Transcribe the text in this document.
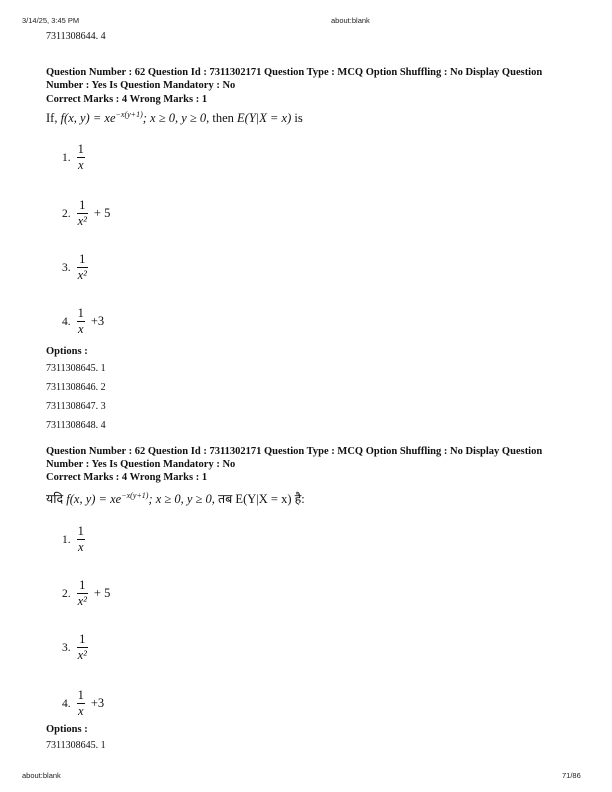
3/14/25, 3:45 PM	about:blank
about:blank	71/86
7311308644. 4
Question Number : 62 Question Id : 7311302171 Question Type : MCQ Option Shuffling : No Display Question
Number : Yes Is Question Mandatory : No
Correct Marks : 4 Wrong Marks : 1
If, f(x, $y) = xe^{-x(y+1)}$; x ≥ 0, y ≥ 0, then E(Y|X = x) is
1. $\frac{1}{x}$
2. $\frac{1}{\text{x²}} + 5$
3. $\frac{1}{\text{x²}}$
4. $\frac{1}{x} +3$
Options :
7311308645. 1
7311308646. 2
7311308647. 3
7311308648. 4
Question Number : 62 Question Id : 7311302171 Question Type : MCQ Option Shuffling : No Display Question
Number : Yes Is Question Mandatory : No
Correct Marks : 4 Wrong Marks : 1
यदि f(x, $y) = xe^{-x(y+1)}$; x ≥ 0, y ≥ 0, तब E(Y|X = x) है:
1. $\frac{1}{x}$
2. $\frac{1}{\text{x²}} + 5$
3. $\frac{1}{\text{x²}}$
4. $\frac{1}{x} +3$
Options :
7311308645. 1
